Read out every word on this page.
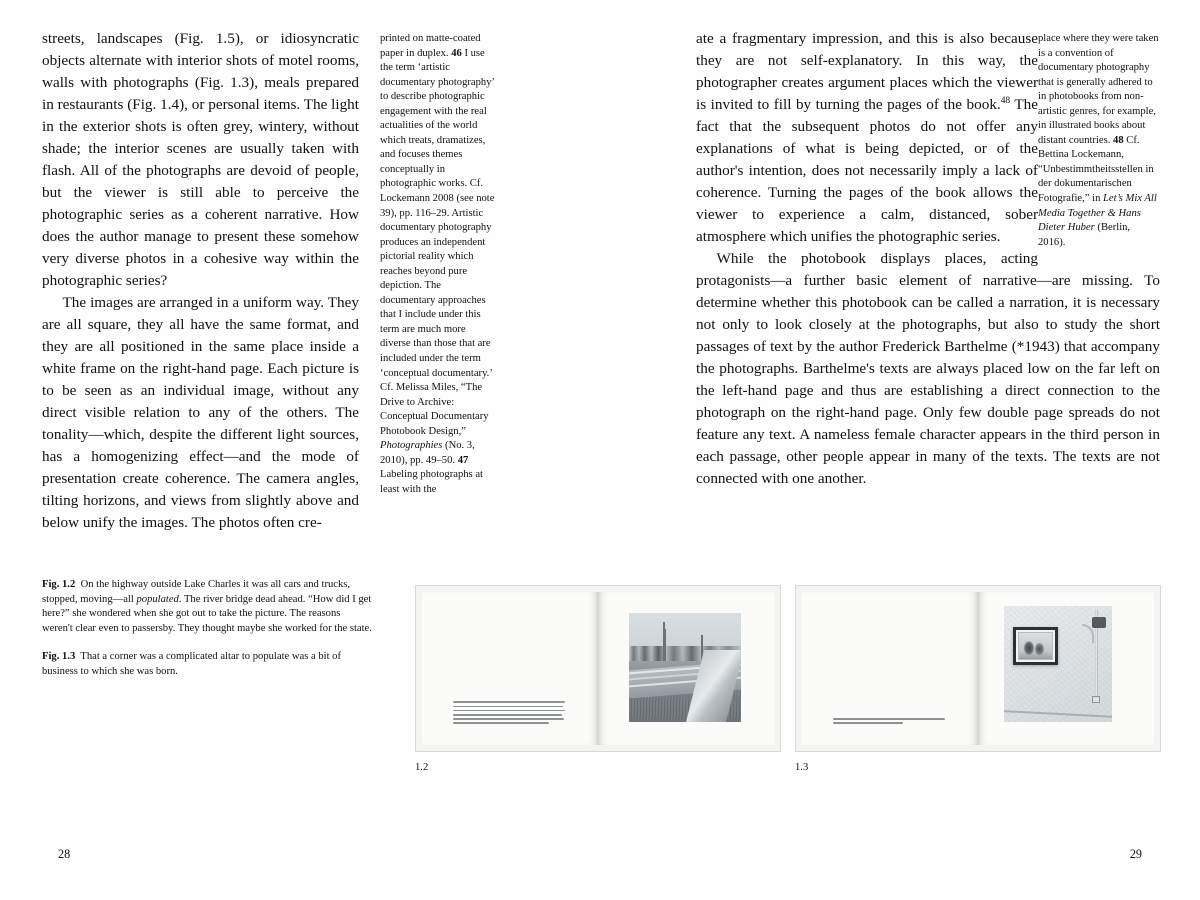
streets, landscapes (Fig. 1.5), or idiosyncratic objects alternate with interior shots of motel rooms, walls with photographs (Fig. 1.3), meals prepared in restaurants (Fig. 1.4), or personal items. The light in the exterior shots is often grey, wintery, without shade; the interior scenes are usually taken with flash. All of the photographs are devoid of people, but the viewer is still able to perceive the photographic series as a coherent narrative. How does the author manage to present these somehow very diverse photos in a cohesive way within the photographic series?

The images are arranged in a uniform way. They are all square, they all have the same format, and they are all positioned in the same place inside a white frame on the right-hand page. Each picture is to be seen as an individual image, without any direct visible relation to any of the others. The tonality—which, despite the different light sources, has a homogenizing effect—and the mode of presentation create coherence. The camera angles, tilting horizons, and views from slightly above and below unify the images. The photos often cre-

printed on matte-coated paper in duplex. 46 I use the term ‘artistic documentary photography’ to describe photographic engagement with the real actualities of the world which treats, dramatizes, and focuses themes conceptually in photographic works. Cf. Lockemann 2008 (see note 39), pp. 116–29. Artistic documentary photography produces an independent pictorial reality which reaches beyond pure depiction. The documentary approaches that I include under this term are much more diverse than those that are included under the term ‘conceptual documentary.’ Cf. Melissa Miles, “The Drive to Archive: Conceptual Documentary Photobook Design,” Photographies (No. 3, 2010), pp. 49–50. 47 Labeling photographs at least with the
place where they were taken is a convention of documentary photography that is generally adhered to in photobooks from non-artistic genres, for example, in illustrated books about distant countries. 48 Cf. Bettina Lockemann, “Unbestimmtheitsstellen in der dokumentarischen Fotografie,” in Let’s Mix All Media Together & Hans Dieter Huber (Berlin, 2016).

ate a fragmentary impression, and this is also because they are not self-explanatory. In this way, the photographer creates argument places which the viewer is invited to fill by turning the pages of the book.$^{48}$ The fact that the subsequent photos do not offer any explanations of what is being depicted, or of the author's intention, does not necessarily imply a lack of coherence. Turning the pages of the book allows the viewer to experience a calm, distanced, sober atmosphere which unifies the photographic series.

While the photobook displays places, acting protagonists—a further basic element of narrative—are missing. To determine whether this photobook can be called a narration, it is necessary not only to look closely at the photographs, but also to study the short passages of text by the author Frederick Barthelme (*1943) that accompany the photographs. Barthelme's texts are always placed low on the far left on the left-hand page and thus are establishing a direct connection to the photograph on the right-hand page. Only few double page spreads do not feature any text. A nameless female character appears in the third person in each passage, other people appear in many of the texts. The texts are not connected with one another.

Fig. 1.2 On the highway outside Lake Charles it was all cars and trucks, stopped, moving—all populated. The river bridge dead ahead. “How did I get here?” she wondered when she got out to take the picture. The reasons weren't clear even to passersby. They thought maybe she worked for the state.
Fig. 1.3 That a corner was a complicated altar to populate was a bit of business to which she was born.
1.2	1.3
28	29
